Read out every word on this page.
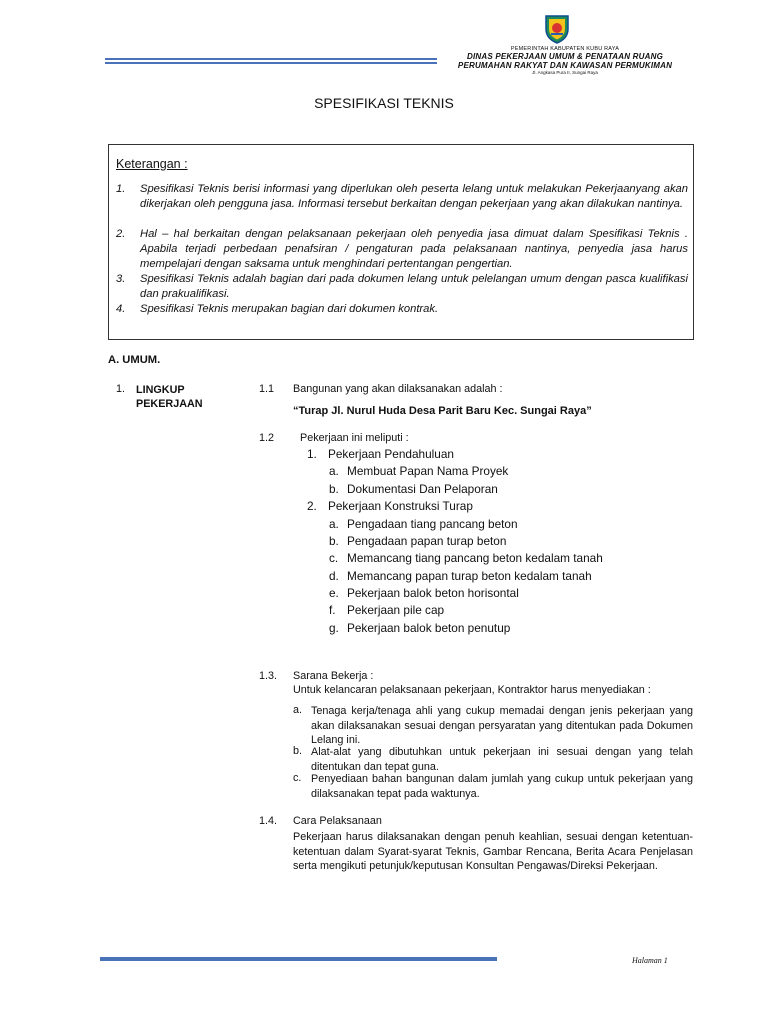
PEMERINTAH KABUPATEN KUBU RAYA
DINAS PEKERJAAN UMUM & PENATAAN RUANG
PERUMAHAN RAKYAT DAN KAWASAN PERMUKIMAN
Jl. Angkasa Pura II, Sungai Raya
SPESIFIKASI TEKNIS
Keterangan :
1. Spesifikasi Teknis berisi informasi yang diperlukan oleh peserta lelang untuk melakukan Pekerjaanyang akan dikerjakan oleh pengguna jasa. Informasi tersebut berkaitan dengan pekerjaan yang akan dilakukan nantinya.
2. Hal – hal berkaitan dengan pelaksanaan pekerjaan oleh penyedia jasa dimuat dalam Spesifikasi Teknis . Apabila terjadi perbedaan penafsiran / pengaturan pada pelaksanaan nantinya, penyedia jasa harus mempelajari dengan saksama untuk menghindari pertentangan pengertian.
3. Spesifikasi Teknis adalah bagian dari pada dokumen lelang untuk pelelangan umum dengan pasca kualifikasi dan prakualifikasi.
4. Spesifikasi Teknis merupakan bagian dari dokumen kontrak.
A. UMUM.
1. LINGKUP
PEKERJAAN
1.1 Bangunan yang akan dilaksanakan adalah :
“Turap Jl. Nurul Huda Desa Parit Baru Kec. Sungai Raya”
1.2 Pekerjaan ini meliputi :
1. Pekerjaan Pendahuluan
a. Membuat Papan Nama Proyek
b. Dokumentasi Dan Pelaporan
2. Pekerjaan Konstruksi Turap
a. Pengadaan tiang pancang beton
b. Pengadaan papan turap beton
c. Memancang tiang pancang beton kedalam tanah
d. Memancang papan turap beton kedalam tanah
e. Pekerjaan balok beton horisontal
f. Pekerjaan pile cap
g. Pekerjaan balok beton penutup
1.3. Sarana Bekerja :
Untuk kelancaran pelaksanaan pekerjaan, Kontraktor harus menyediakan :
a. Tenaga kerja/tenaga ahli yang cukup memadai dengan jenis pekerjaan yang akan dilaksanakan sesuai dengan persyaratan yang ditentukan pada Dokumen Lelang ini.
b. Alat-alat yang dibutuhkan untuk pekerjaan ini sesuai dengan yang telah ditentukan dan tepat guna.
c. Penyediaan bahan bangunan dalam jumlah yang cukup untuk pekerjaan yang dilaksanakan tepat pada waktunya.
1.4. Cara Pelaksanaan
Pekerjaan harus dilaksanakan dengan penuh keahlian, sesuai dengan ketentuan-ketentuan dalam Syarat-syarat Teknis, Gambar Rencana, Berita Acara Penjelasan serta mengikuti petunjuk/keputusan Konsultan Pengawas/Direksi Pekerjaan.
Halaman 1
